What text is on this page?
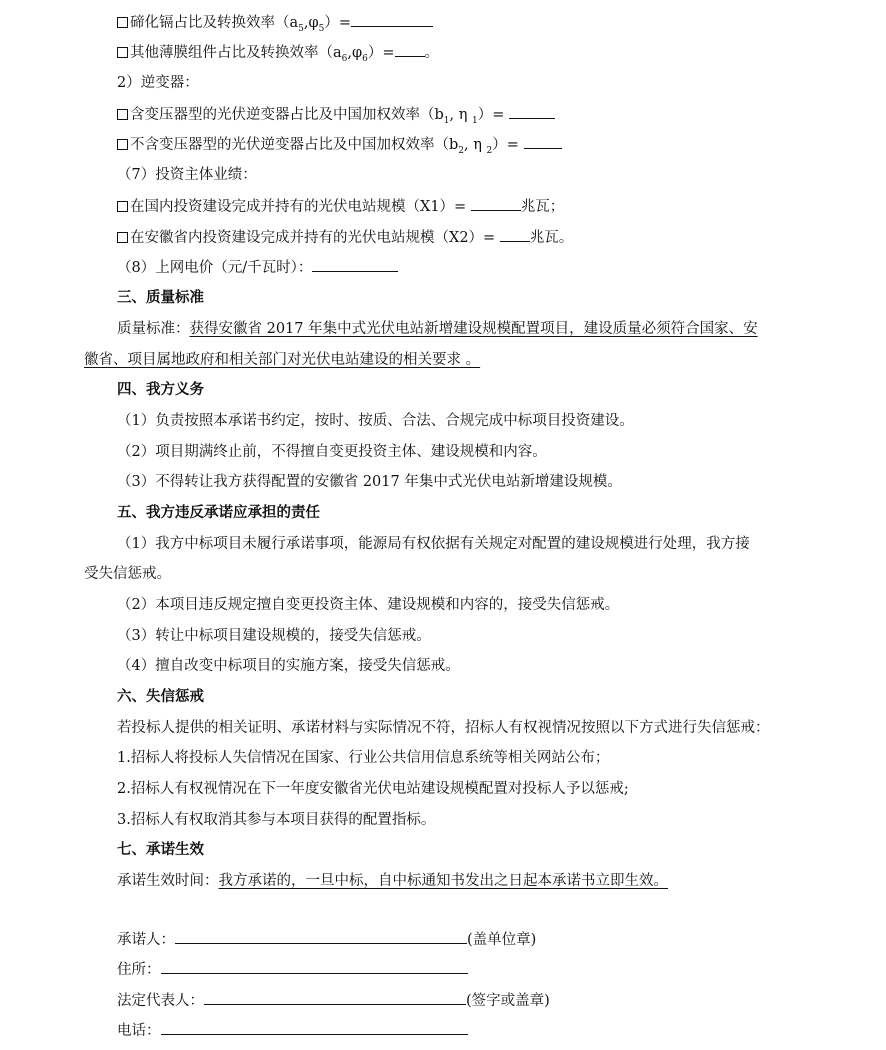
碲化镉占比及转换效率$(a_5,\varphi_5)=$
其他薄膜组件占比及转换效率$(a_6,\varphi_6)=$ 。
2）逆变器：
含变压器型的光伏逆变器占比及中国加权效率（$b_1$, η $_1$）=
不含变压器型的光伏逆变器占比及中国加权效率（$b_2$, η $_2$）=
（7）投资主体业绩：
在国内投资建设完成并持有的光伏电站规模（X1）=	兆瓦；
在安徽省内投资建设完成并持有的光伏电站规模（X2）= 兆瓦。
（8）上网电价（元/千瓦时）：
三、质量标准
质量标准：获得安徽省 2017 年集中式光伏电站新增建设规模配置项目，建设质量必须符合国家、安
徽省、项目属地政府和相关部门对光伏电站建设的相关要求 。
四、我方义务
（1）负责按照本承诺书约定，按时、按质、合法、合规完成中标项目投资建设。
（2）项目期满终止前，不得擅自变更投资主体、建设规模和内容。
（3）不得转让我方获得配置的安徽省 2017 年集中式光伏电站新增建设规模。
五、我方违反承诺应承担的责任
（1）我方中标项目未履行承诺事项，能源局有权依据有关规定对配置的建设规模进行处理，我方接
受失信惩戒。
（2）本项目违反规定擅自变更投资主体、建设规模和内容的，接受失信惩戒。
（3）转让中标项目建设规模的，接受失信惩戒。
（4）擅自改变中标项目的实施方案，接受失信惩戒。
六、失信惩戒
若投标人提供的相关证明、承诺材料与实际情况不符，招标人有权视情况按照以下方式进行失信惩戒：
1.招标人将投标人失信情况在国家、行业公共信用信息系统等相关网站公布；
2.招标人有权视情况在下一年度安徽省光伏电站建设规模配置对投标人予以惩戒;
3.招标人有权取消其参与本项目获得的配置指标。
七、承诺生效
承诺生效时间：我方承诺的，一旦中标，自中标通知书发出之日起本承诺书立即生效。
承诺人：	(盖单位章)
住所：
法定代表人：	(签字或盖章)
电话：
